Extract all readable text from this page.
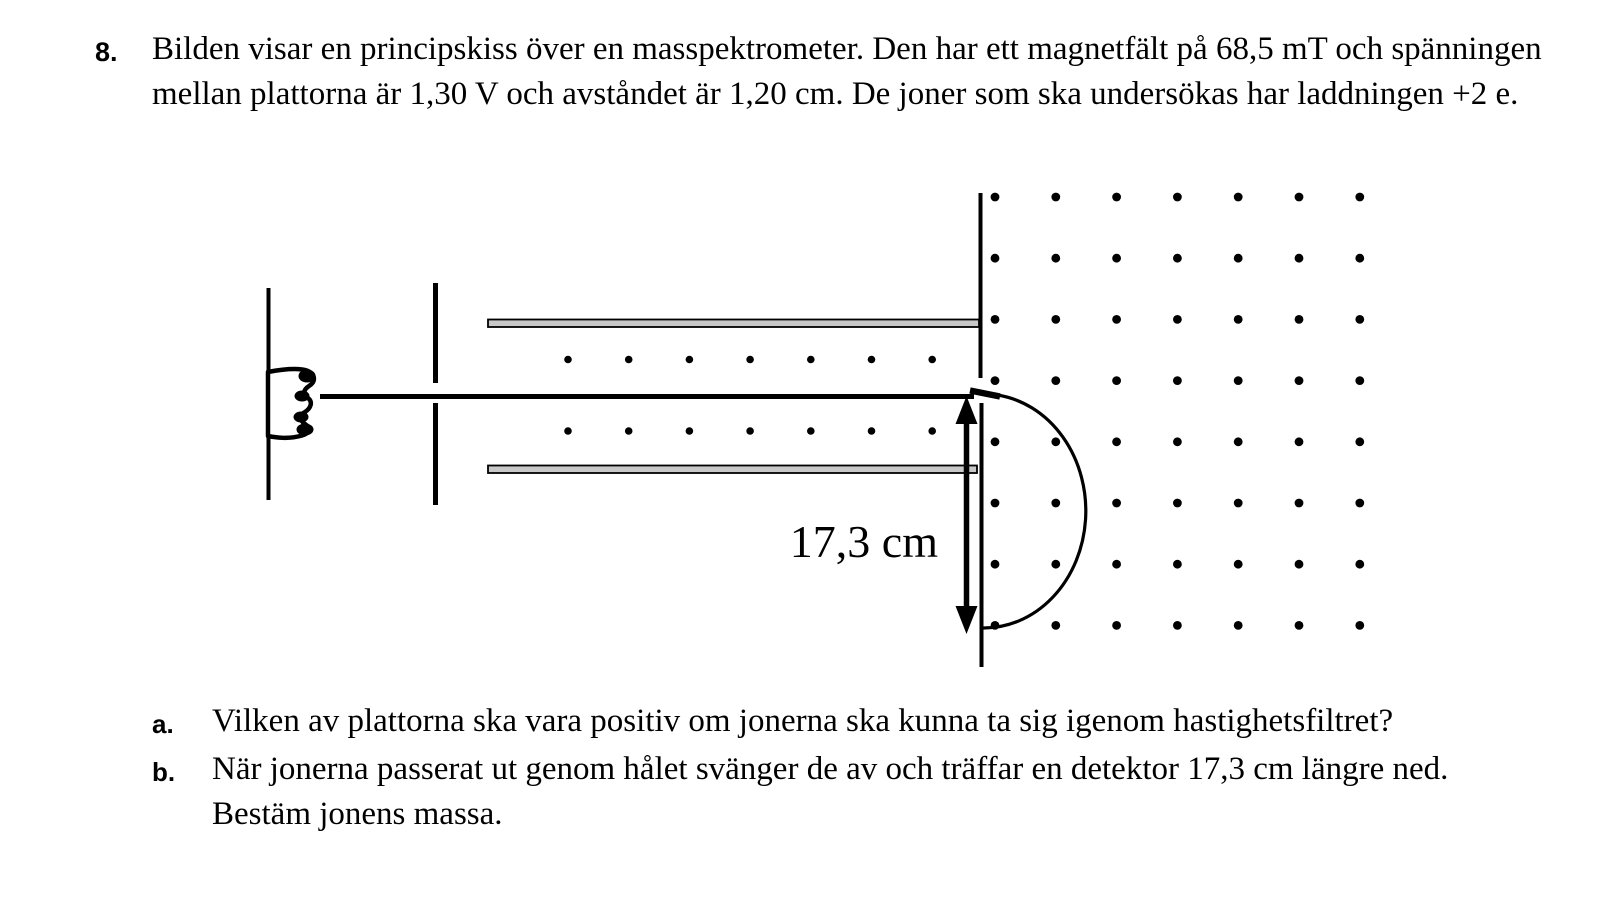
8.	Bilden visar en principskiss över en masspektrometer. Den har ett magnetfält på 68,5 mT och spänningen mellan plattorna är 1,30 V och avståndet är 1,20 cm. De joner som ska undersökas har laddningen +2 e.
17,3 cm
a.	Vilken av plattorna ska vara positiv om jonerna ska kunna ta sig igenom hastighetsfiltret?
b.	När jonerna passerat ut genom hålet svänger de av och träffar en detektor 17,3 cm längre ned. Bestäm jonens massa.
